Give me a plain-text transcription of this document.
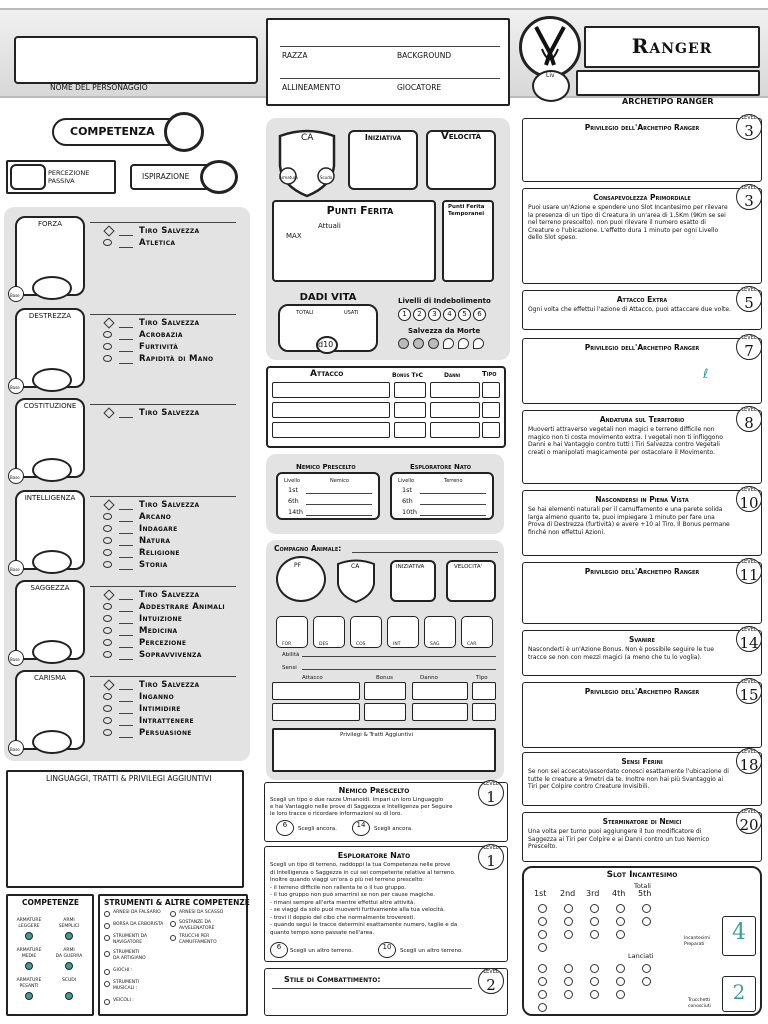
NOME DEL PERSONAGGIO
RAZZA	BACKGROUND
ALLINEAMENTO	GIOCATORE
Ranger
Liv
ARCHETIPO RANGER
COMPETENZA
PERCEZIONE
PASSIVA	ISPIRAZIONE
FORZA
Base
Tiro Salvezza
Atletica
DESTREZZA
Base
Tiro Salvezza
Acrobazia
Furtività
Rapidità di Mano
COSTITUZIONE
Base
Tiro Salvezza
INTELLIGENZA
Base
Tiro Salvezza
Arcano
Indagare
Natura
Religione
Storia
SAGGEZZA
Base
Tiro Salvezza
Addestrare Animali
Intuizione
Medicina
Percezione
Sopravvivenza
CARISMA
Base
Tiro Salvezza
Inganno
Intimidire
Intrattenere
Persuasione
LINGUAGGI, TRATTI & PRIVILEGI AGGIUNTIVI
COMPETENZE
ARMATURE
LEGGERE
ARMI
SEMPLICI
ARMATURE
MEDIE
ARMI
DA GUERRA
ARMATURE
PESANTI
SCUDI
STRUMENTI & ALTRE COMPETENZE
ARNESI DA FALSARIO	ARNESI DA SCASSO
BORSA DA ERBORISTA	SOSTANZE DA
AVVELENATORE
STRUMENTI DA
NAVIGATORE
TRUCCHI PER
CAMUFFAMENTO
STRUMENTI
DA ARTIGIANO
GIOCHI :
STRUMENTI
MUSICALI :
VEICOLI :
CA
Armatura	Scudo
Iniziativa	Velocità
Punti Ferita
Attuali
MAX
Punti Ferita
Temporanei
DADI VITA
TOTALI	USATI
d10
Livelli di Indebolimento
1	2	3	4	5	6
Salvezza da Morte
Attacco	Bonus TpC	Danni	Tipo
Nemico Prescelto	Esploratore Nato
Livello	Nemico	Livello	Terreno
1st
6th
14th
1st
6th
10th
Compagno Animale:
PF	CA	INIZIATIVA	VELOCITA'
FOR	DES	COS	INT	SAG	CAR
Abilità
Sensi
Attacco	Bonus	Danno	Tipo
Privilegi & Tratti Aggiuntivi
Nemico Prescelto
LEVEL
1
Scegli un tipo o due razze Umanoidi. Impari un loro Linguaggio
e hai Vantaggio nelle prove di Saggezza e Intelligenza per Seguire
le loro tracce o ricordare informazioni su di loro.
6	Scegli ancora.	14	Scegli ancora.
Esploratore Nato
LEVEL
1
Scegli un tipo di terreno, raddoppi la tua Competenza nelle prove
di Intelligenza o Saggezza in cui sei competente relative al terreno.
Inoltre quando viaggi un'ora o più nel terreno prescelto:
- il terreno difficile non rallenta te o il tuo gruppo.
- il tuo gruppo non può smarrirsi se non per cause magiche.
- rimani sempre all'erta mentre effettui altre attività.
- se viaggi da solo puoi muoverti furtivamente alla tua velocità.
- trovi il doppio del cibo che normalmente troveresti.
- quando segui le tracce determini esattamente numero, taglie e da
quanto tempo sono passate nell'area.
6	Scegli un altro terreno.	10	Scegli un altro terreno.
Stile di Combattimento:
LEVEL
2
Privilegio dell'Archetipo Ranger
LEVEL
3
Consapevolezza Primordiale
Puoi usare un'Azione e spendere uno Slot Incantesimo per rilevare la presenza di un tipo di Creatura in un'area di 1,5Km (9Km se sei nel terreno prescelto). non puoi rilevare il numero esatto di Creature o l'ubicazione. L'effetto dura 1 minuto per ogni Livello dello Slot speso.
LEVEL
3
Attacco Extra
Ogni volta che effettui l'azione di Attacco, puoi attaccare due volte.
LEVEL
5
Privilegio dell'Archetipo Ranger
ℓ
LEVEL
7
Andatura sul Territorio
Muoverti attraverso vegetali non magici e terreno difficile non magico non ti costa movimento extra. I vegetali non ti infliggono Danni e hai Vantaggio contro tutti i Tiri Salvezza contro Vegetali creati o manipolati magicamente per ostacolare il Movimento.
LEVEL
8
Nascondersi in Piena Vista
Se hai elementi naturali per il camuffamento e una parete solida larga almeno quanto te, puoi impiegare 1 minuto per fare una Prova di Destrezza (furtività) e avere +10 al Tiro. Il Bonus permane finché non effettui Azioni.
LEVEL
10
Privilegio dell'Archetipo Ranger
LEVEL
11
Svanire
Nasconderti è un'Azione Bonus. Non è possibile seguire le tue tracce se non con mezzi magici (a meno che tu lo voglia).
LEVEL
14
Privilegio dell'Archetipo Ranger
LEVEL
15
Sensi Ferini
Se non sei accecato/assordato conosci esattamente l'ubicazione di tutte le creature a 9metri da te. Inoltre non hai più Svantaggio ai Tiri per Colpire contro Creature Invisibili.
LEVEL
18
Sterminatore di Nemici
Una volta per turno puoi aggiungere il tuo modificatore di Saggezza ai Tiri per Colpire e ai Danni contro un tuo Nemico Prescelto.
LEVEL
20
Slot Incantesimo
Totali
1st 2nd 3rd 4th 5th
Lanciati
Incantesimi
Preparati	4
Trucchetti
conosciuti
2
